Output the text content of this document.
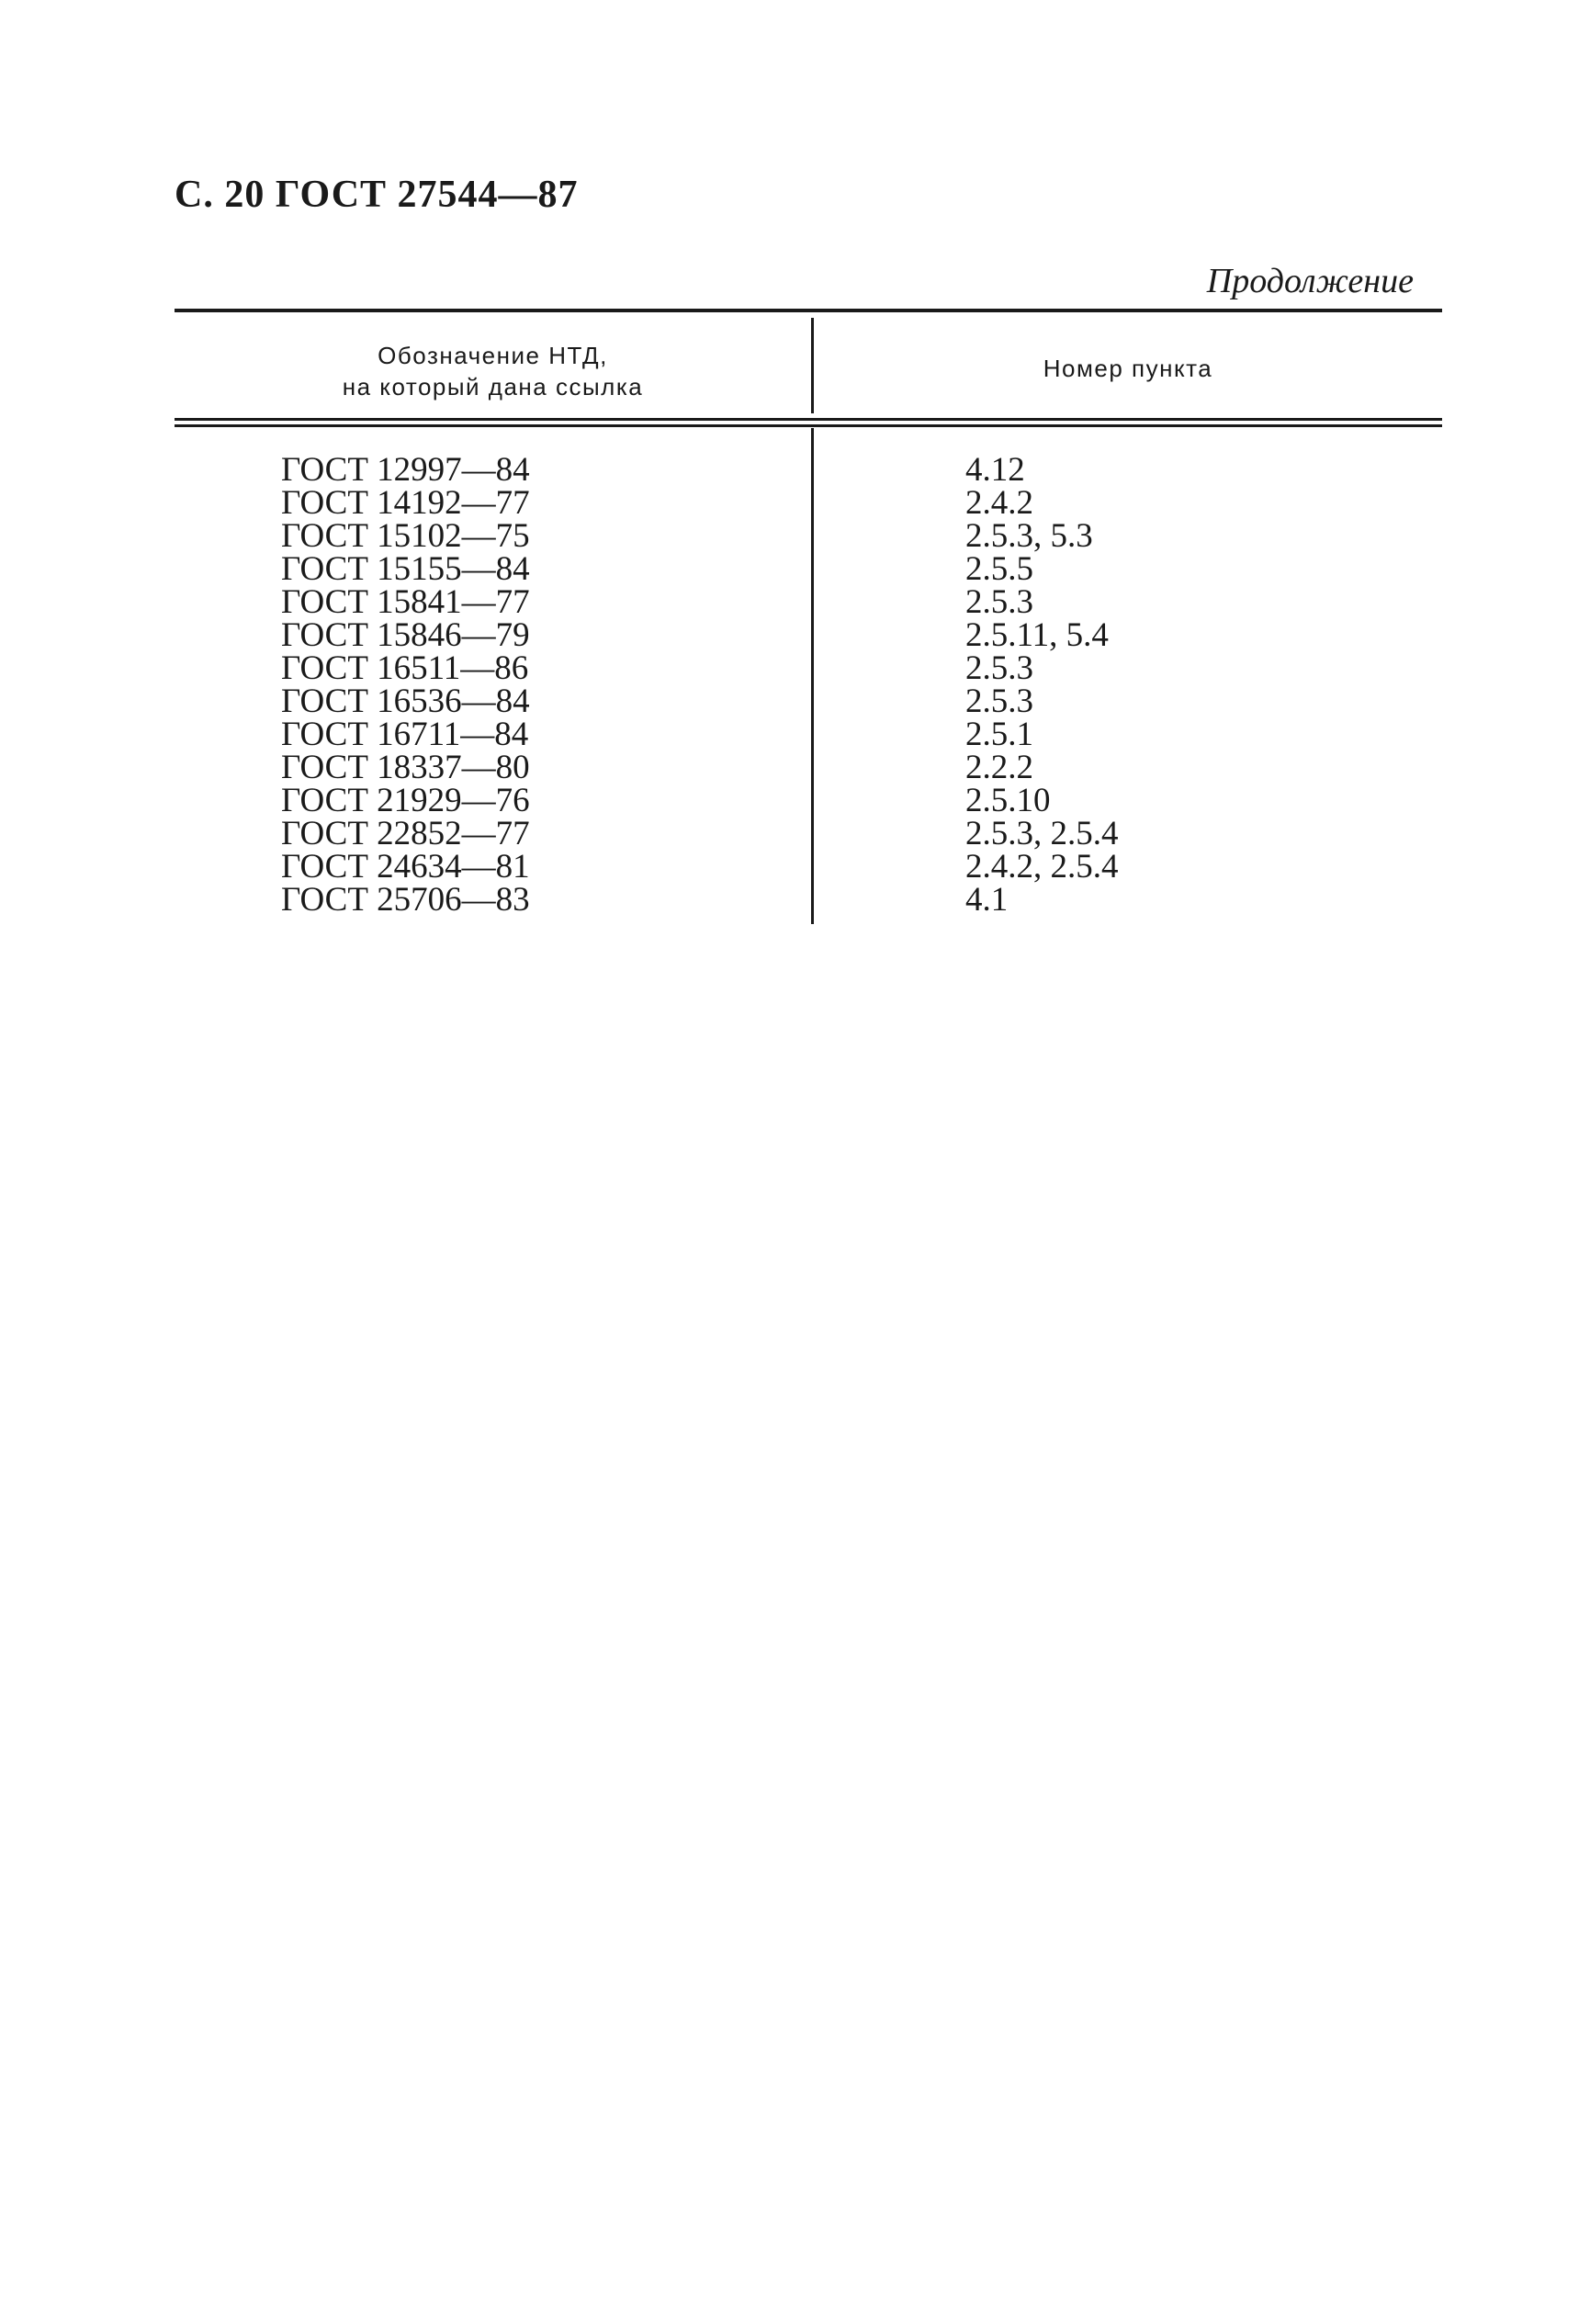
С. 20 ГОСТ 27544—87
Продолжение
Обозначение НТД,
на который дана ссылка
Номер пункта
ГОСТ 12997—84	4.12
ГОСТ 14192—77	2.4.2
ГОСТ 15102—75	2.5.3, 5.3
ГОСТ 15155—84	2.5.5
ГОСТ 15841—77	2.5.3
ГОСТ 15846—79	2.5.11, 5.4
ГОСТ 16511—86	2.5.3
ГОСТ 16536—84	2.5.3
ГОСТ 16711—84	2.5.1
ГОСТ 18337—80	2.2.2
ГОСТ 21929—76	2.5.10
ГОСТ 22852—77	2.5.3, 2.5.4
ГОСТ 24634—81	2.4.2, 2.5.4
ГОСТ 25706—83	4.1
